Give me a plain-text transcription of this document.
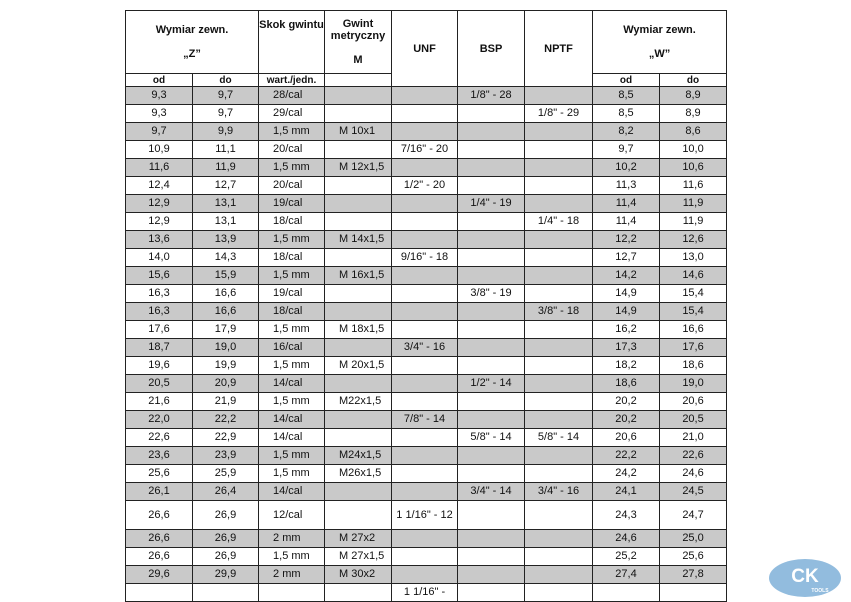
Wymiar zewn.
„Z”		Skok gwintu	Gwint metryczny
M	UNF	BSP	NPTF	Wymiar zewn.
„W”	

od	do	wart./jedn.					od	do
9,3	9,7	28/cal			1/8" - 28		8,5	8,9
9,3	9,7	29/cal				1/8" - 29	8,5	8,9
9,7	9,9	1,5 mm	M 10x1				8,2	8,6
10,9	11,1	20/cal		7/16" - 20			9,7	10,0
11,6	11,9	1,5 mm	M 12x1,5				10,2	10,6
12,4	12,7	20/cal		1/2" - 20			11,3	11,6
12,9	13,1	19/cal			1/4" - 19		11,4	11,9
12,9	13,1	18/cal				1/4" - 18	11,4	11,9
13,6	13,9	1,5 mm	M 14x1,5				12,2	12,6
14,0	14,3	18/cal		9/16" - 18			12,7	13,0
15,6	15,9	1,5 mm	M 16x1,5				14,2	14,6
16,3	16,6	19/cal			3/8" - 19		14,9	15,4
16,3	16,6	18/cal				3/8" - 18	14,9	15,4
17,6	17,9	1,5 mm	M 18x1,5				16,2	16,6
18,7	19,0	16/cal		3/4" - 16			17,3	17,6
19,6	19,9	1,5 mm	M 20x1,5				18,2	18,6
20,5	20,9	14/cal			1/2" - 14		18,6	19,0
21,6	21,9	1,5 mm	M22x1,5				20,2	20,6
22,0	22,2	14/cal		7/8" - 14			20,2	20,5
22,6	22,9	14/cal			5/8" - 14	5/8" - 14	20,6	21,0
23,6	23,9	1,5 mm	M24x1,5				22,2	22,6
25,6	25,9	1,5 mm	M26x1,5				24,2	24,6
26,1	26,4	14/cal			3/4" - 14	3/4" - 16	24,1	24,5
26,6	26,9	12/cal		1 1/16" - 12			24,3	24,7
26,6	26,9	2 mm	M 27x2				24,6	25,0
26,6	26,9	1,5 mm	M 27x1,5				25,2	25,6
29,6	29,9	2 mm	M 30x2				27,4	27,8
				1 1/16" -				
CK
TOOLS
